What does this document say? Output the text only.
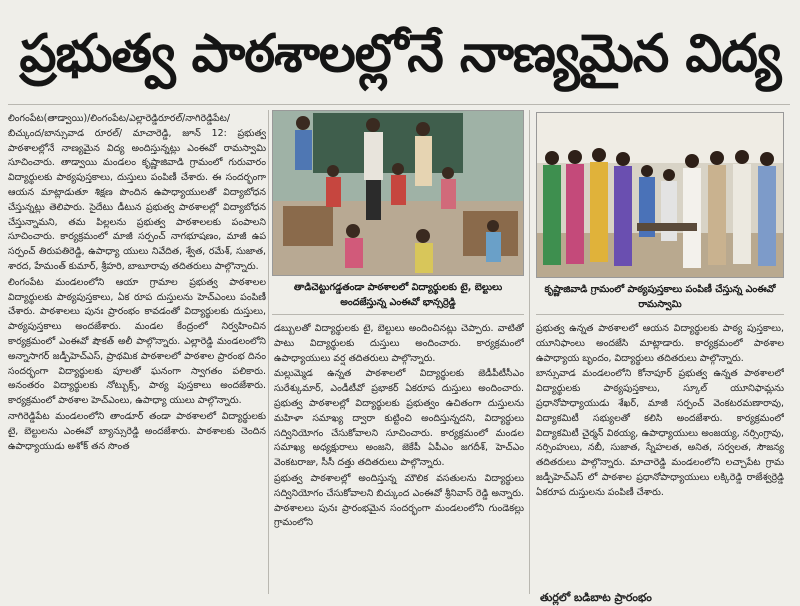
ప్రభుత్వ పాఠశాలల్లోనే నాణ్యమైన విద్య

లింగంపేట(తాడ్వాయి)/లింగంపేట/ఎల్లారెడ్డిరూరల్/నాగిరెడ్డిపేట/బిచ్కుంద/బాన్సువాడ రూరల్/ మాచారెడ్డి, జూన్ 12: ప్రభుత్వ పాఠశాలల్లోనే నాణ్యమైన విద్య అందిస్తున్నట్లు ఎంఈవో రామస్వామి సూచించారు. తాడ్వాయి మండలం కృష్ణాజివాడి గ్రామంలో గురువారం విద్యార్థులకు పాఠ్యపుస్తకాలు, దుస్తులు పంపిణీ చేశారు. ఈ సందర్భంగా ఆయన మాట్లాడుతూ శిక్షణ పొందిన ఉపాధ్యాయులతో విద్యాబోధన చేస్తున్నట్లు తెలిపారు. సైదేటు డీటున ప్రభుత్వ పాఠశాలల్లో విద్యాబోధన చేస్తున్నామని, తమ పిల్లలను ప్రభుత్వ పాఠశాలలకు పంపాలని సూచించారు. కార్యక్రమంలో మాజీ సర్పంచ్ నాగభూషణం, మాజీ ఉప సర్పంచ్ తిరుపతిరెడ్డి, ఉపాధ్యా యులు నివేదిత, శ్వేత, రమేశ్, సుజాత, శారద, హేమంత్ కుమార్, శ్రీహరి, బాబూరావు తదితరులు పాల్గొన్నారు.

లింగంపేట మండలంలోని ఆయా గ్రామాల ప్రభుత్వ పాఠశాలల విద్యార్థులకు పాఠ్యపుస్తకాలు, ఏక రూప దుస్తులను హెచ్ఎంలు పంపిణీ చేశారు. పాఠశాలలు పునః ప్రారంభం కావడంతో విద్యార్థులకు దుస్తులు, పాఠ్యపుస్తకాలు అందజేశారు. మండల కేంద్రంలో నిర్వహించిన కార్యక్రమంలో ఎంఈవో షౌకత్ అలీ పాల్గొన్నారు. ఎల్లారెడ్డి మండలంలోని అన్నాసాగర్ జడ్పీహెచ్ఎస్, ప్రాథమిక పాఠశాలలో పాఠశాల ప్రారంభ దినం సందర్భంగా విద్యార్థులకు పూలతో ఘనంగా స్వాగతం పలికారు. అనంతరం విద్యార్థులకు నోట్బుక్స్, పాఠ్య పుస్తకాలు అందజేశారు. కార్యక్రమంలో పాఠశాల హెచ్ఎంలు, ఉపాధ్యా యులు పాల్గొన్నారు.

నాగిరెడ్డిపేట మండలంలోని తాండూర్ తండా పాఠశాలలో విద్యార్థులకు టై, బెల్టులను ఎంఈవో బ్యాన్సురెడ్డి అందజేశారు. పాఠశాలకు చెందిన ఉపాధ్యాయుడు అశోక్ తన సొంత

తాడిచెట్టుగడ్డతండా పాఠశాలలో విద్యార్థులకు టై, బెల్టులు అందజేస్తున్న ఎంఈవో భాన్సర్రెడ్డి
కృష్ణాజివాడి గ్రామంలో పాఠ్యపుస్తకాలు పంపిణీ చేస్తున్న ఎంఈవో రామస్వామి

డబ్బులతో విద్యార్థులకు టై, బెల్టులు అందించినట్లు చెప్పారు. వాటితో పాటు విద్యార్థులకు దుస్తులు అందించారు. కార్యక్రమంలో ఉపాధ్యాయులు వర్ష తదితరులు పాల్గొన్నారు.

మల్లుమ్మెడ ఉన్నత పాఠశాలలో విద్యార్థులకు జెడీపీటీసీఎం సురేశ్కుమార్, ఎండీటీవో ప్రభాకర్ ఏకరూప దుస్తులు అందించారు. ప్రభుత్వ పాఠశాలల్లో విద్యార్థులకు ప్రభుత్వం ఉచితంగా దుస్తులను మహిళా సమాఖ్య ద్వారా కుట్టించి అందిస్తున్నదని, విద్యార్థులు సద్వినియోగం చేసుకోవాలని సూచించారు. కార్యక్రమంలో మండల సమాఖ్య అధ్యక్షురాలు అంజని, జెకేపీ ఏపీఎం జగదీశ్, హెచ్ఎం వెంకటరాజు, సీసీ దత్తు తదితరులు పాల్గొన్నారు.

ప్రభుత్వ పాఠశాలల్లో అందిస్తున్న మౌలిక వసతులను విద్యార్థులు సద్వినియోగం చేసుకోవాలని బిచ్కుంద ఎంఈవో శ్రీనివాస్ రెడ్డి అన్నారు. పాఠశాలలు పునః ప్రారంభమైన సందర్భంగా మండలంలోని గుండెకల్లు గ్రామంలోని

ప్రభుత్వ ఉన్నత పాఠశాలలో ఆయన విద్యార్థులకు పాఠ్య పుస్తకాలు, యూనిఫాంలు అందజేసి మాట్లాడారు. కార్యక్రమంలో పాఠశాల ఉపాధ్యాయ బృందం, విద్యార్థులు తదితరులు పాల్గొన్నారు.

బాన్సువాడ మండలంలోని కోనాపూర్ ప్రభుత్వ ఉన్నత పాఠశాలలో విద్యార్థులకు పాఠ్యపుస్తకాలు, స్కూల్ యూనిఫామ్లను ప్రధానోపాధ్యాయుడు శేఖర్, మాజీ సర్పంచ్ వెంకటరమణారావు, విద్యాకమిటీ సభ్యులతో కలిసి అందజేశారు. కార్యక్రమంలో విద్యాకమిటీ చైర్మన్ విఠయ్య, ఉపాధ్యాయులు అంజయ్య, నర్సింగ్రావు, నర్సింహులు, నబీ, సుజాత, స్నేహలత, అనిత, సర్వలత, సౌజన్య తదితరులు పాల్గొన్నారు. మాచారెడ్డి మండలంలోని లచ్చాపేట గ్రామ జడ్పీహెచ్ఎస్ లో పాఠశాల ప్రధానోపాధ్యాయులు లక్కిరెడ్డి రాజేశ్వర్రెడ్డి ఏకరూప దుస్తులను పంపిణీ చేశారు.

తుర్లలో బడిబాట ప్రారంభం
